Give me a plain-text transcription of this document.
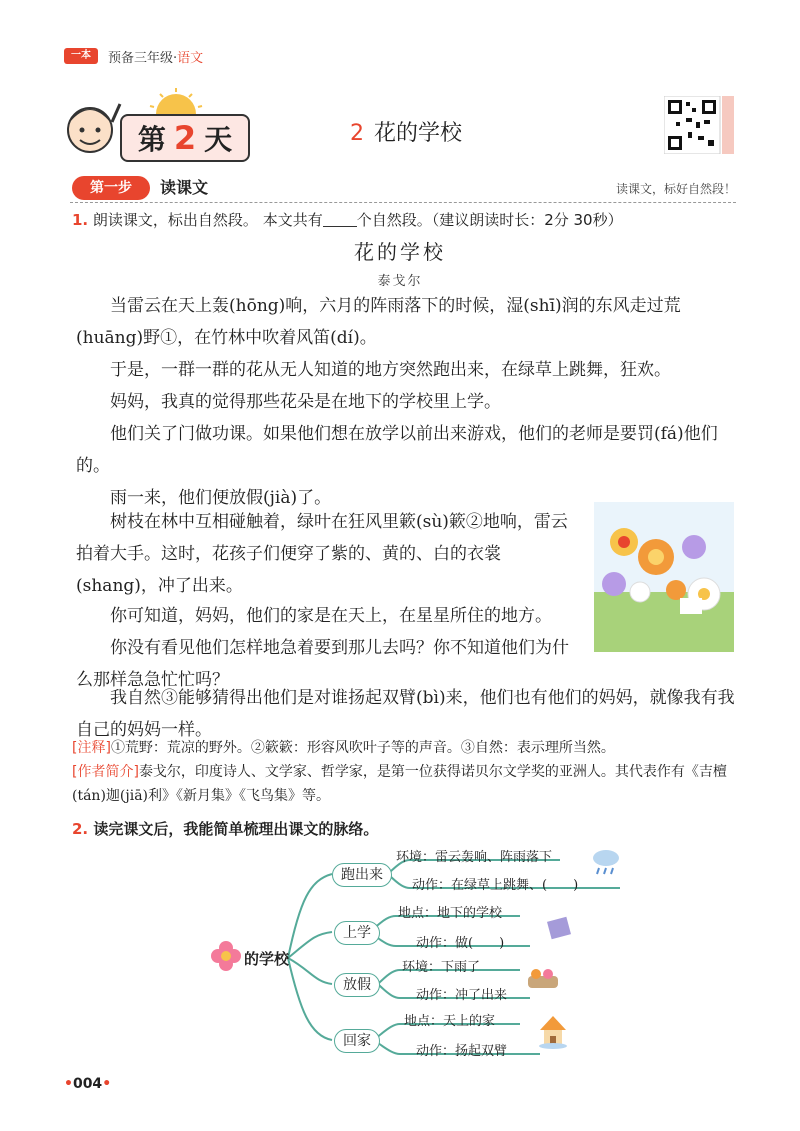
一本	预备三年级·语文
第 2 天	2 花的学校
第一步	读课文	读课文，标好自然段！
1. 朗读课文，标出自然段。 本文共有 个自然段。（建议朗读时长：2分 30秒）
花的学校
泰戈尔
当雷云在天上轰(hōng)响，六月的阵雨落下的时候，湿(shī)润的东风走过荒(huāng)野①，在竹林中吹着风笛(dí)。
于是，一群一群的花从无人知道的地方突然跑出来，在绿草上跳舞，狂欢。
妈妈，我真的觉得那些花朵是在地下的学校里上学。
他们关了门做功课。如果他们想在放学以前出来游戏，他们的老师是要罚(fá)他们的。
雨一来，他们便放假(jià)了。
树枝在林中互相碰触着，绿叶在狂风里簌(sù)簌②地响，雷云拍着大手。这时，花孩子们便穿了紫的、黄的、白的衣裳(shang)，冲了出来。
你可知道，妈妈，他们的家是在天上，在星星所住的地方。
你没有看见他们怎样地急着要到那儿去吗？你不知道他们为什么那样急急忙忙吗？
我自然③能够猜得出他们是对谁扬起双臂(bì)来，他们也有他们的妈妈，就像我有我自己的妈妈一样。
[注释]①荒野：荒凉的野外。②簌簌：形容风吹叶子等的声音。③自然：表示理所当然。
[作者简介]泰戈尔，印度诗人、文学家、哲学家，是第一位获得诺贝尔文学奖的亚洲人。其代表作有《吉檀(tán)迦(jiā)利》《新月集》《飞鸟集》等。
2. 读完课文后，我能简单梳理出课文的脉络。
的学校
跑出来
环境：雷云轰响、阵雨落下
动作：在绿草上跳舞、(　　)
上学
地点：地下的学校
动作：做(　　)
放假
环境：下雨了
动作：冲了出来
回家
地点：天上的家
动作：扬起双臂
•004•
